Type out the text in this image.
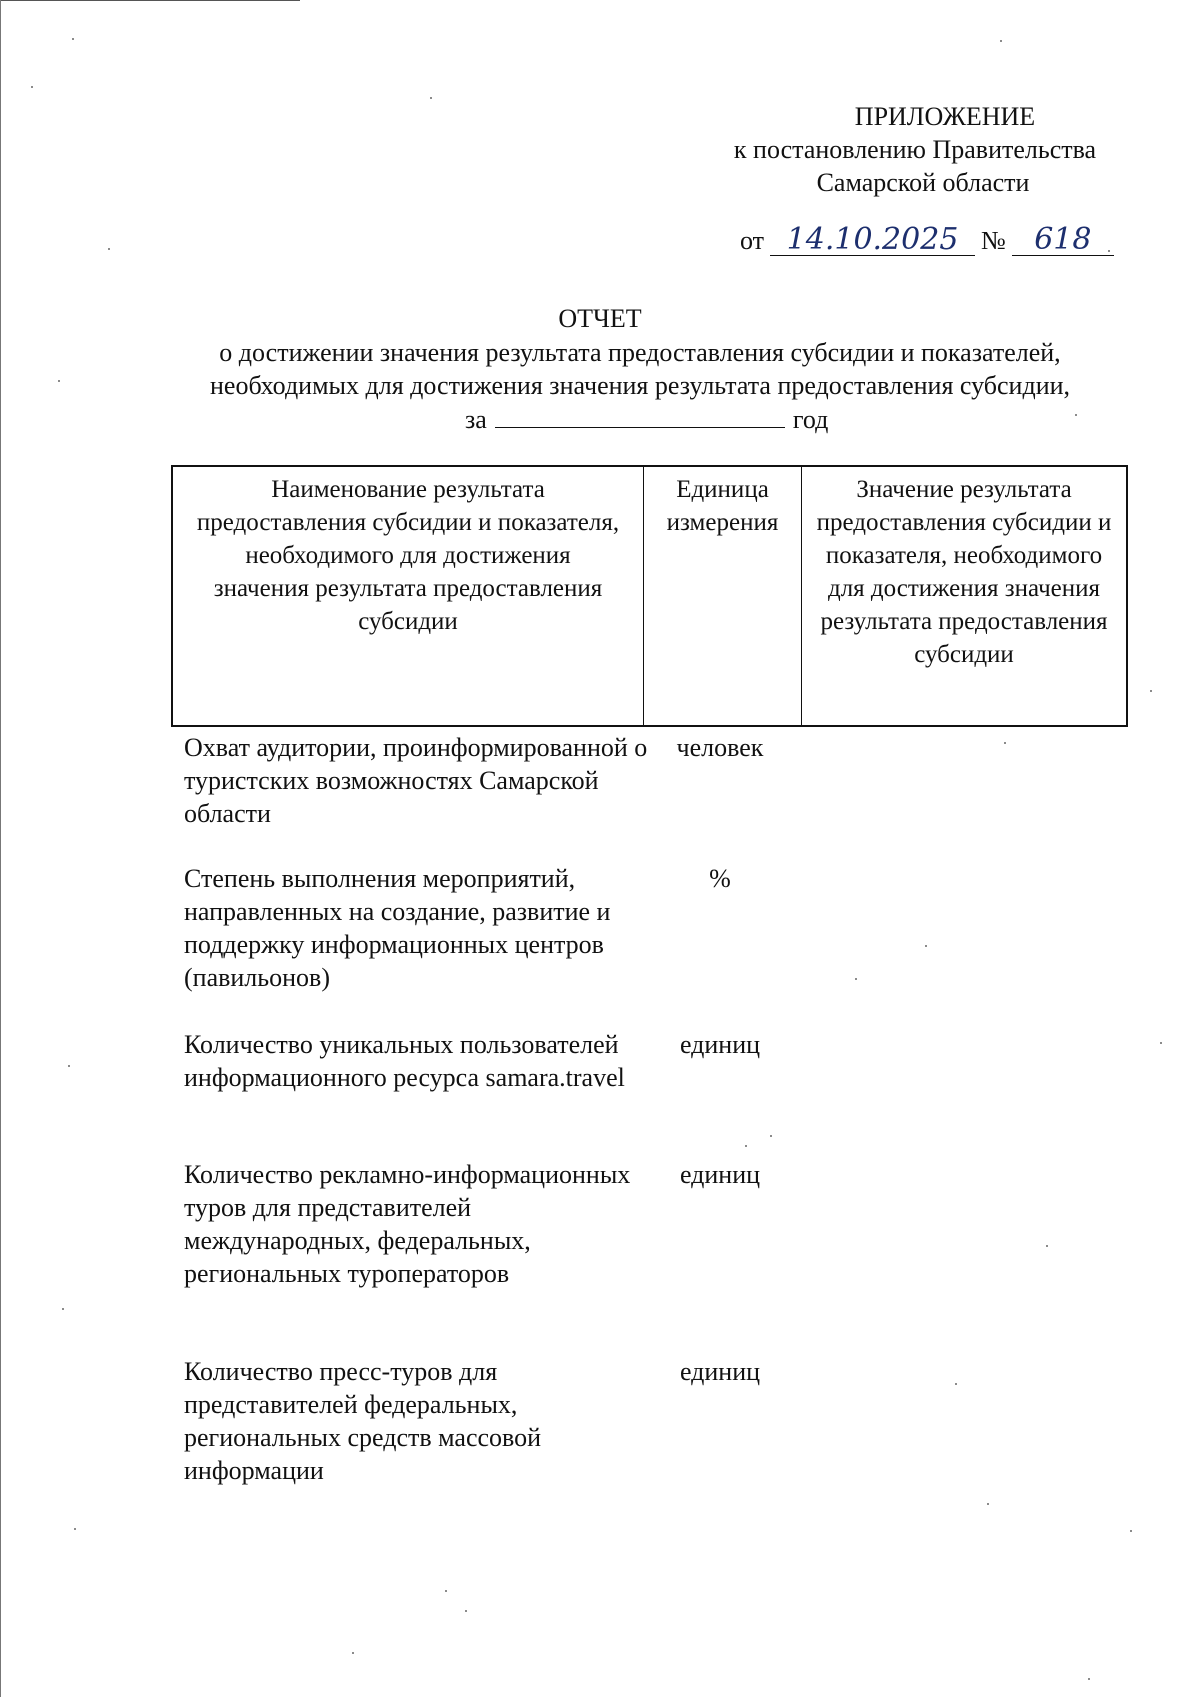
ПРИЛОЖЕНИЕ
к постановлению Правительства
Самарской области
от 14.10.2025 № 618
ОТЧЕТ
о достижении значения результата предоставления субсидии и показателей,
необходимых для достижения значения результата предоставления субсидии,
за	год
Наименование результата предоставления субсидии и показателя, необходимого для достижения значения результата предоставления субсидии
Единица измерения
Значение результата предоставления субсидии и показателя, необходимого для достижения значения результата предоставления субсидии
Охват аудитории, проинформированной о туристских возможностях Самарской области
человек
Степень выполнения мероприятий, направленных на создание, развитие и поддержку информационных центров (павильонов)
%
Количество уникальных пользователей информационного ресурса samara.travel
единиц
Количество рекламно-информационных туров для представителей международных, федеральных, региональных туроператоров
единиц
Количество пресс-туров для представителей федеральных, региональных средств массовой информации
единиц
